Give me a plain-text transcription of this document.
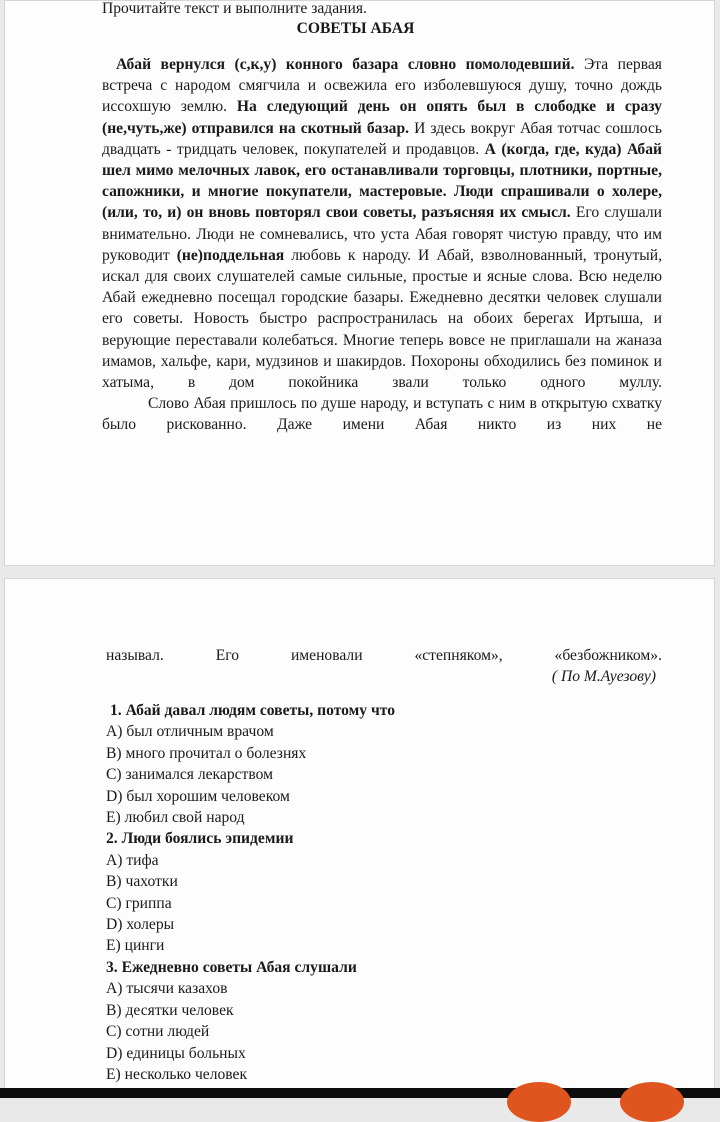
Прочитайте текст и выполните задания.
СОВЕТЫ АБАЯ

Абай вернулся (с,к,у) конного базара словно помолодевший. Эта первая встреча с народом смягчила и освежила его изболевшуюся душу, точно дождь иссохшую землю. На следующий день он опять был в слободке и сразу (не,чуть,же) отправился на скотный базар. И здесь вокруг Абая тотчас сошлось двадцать - тридцать человек, покупателей и продавцов. А (когда, где, куда) Абай шел мимо мелочных лавок, его останавливали торговцы, плотники, портные, сапожники, и многие покупатели, мастеровые. Люди спрашивали о холере, (или, то, и) он вновь повторял свои советы, разъясняя их смысл. Его слушали внимательно. Люди не сомневались, что уста Абая говорят чистую правду, что им руководит (не)поддельная любовь к народу. И Абай, взволнованный, тронутый, искал для своих слушателей самые сильные, простые и ясные слова. Всю неделю Абай ежедневно посещал городские базары. Ежедневно десятки человек слушали его советы. Новость быстро распространилась на обоих берегах Иртыша, и верующие переставали колебаться. Многие теперь вовсе не приглашали на жаназа имамов, хальфе, кари, мудзинов и шакирдов. Похороны обходились без поминок и хатыма, в дом покойника звали только одного муллу.

Слово Абая пришлось по душе народу, и вступать с ним в открытую схватку было рискованно. Даже имени Абая никто из них не

называл. Его именовали «степняком», «безбожником».
( По М.Ауезову)
1. Абай давал людям советы, потому что
A) был отличным врачом
B) много прочитал о болезнях
C) занимался лекарством
D) был хорошим человеком
E) любил свой народ
2. Люди боялись эпидемии
A) тифа
B) чахотки
C) гриппа
D) холеры
E) цинги
3. Ежедневно советы Абая слушали
A) тысячи казахов
B) десятки человек
C) сотни людей
D) единицы больных
E) несколько человек
